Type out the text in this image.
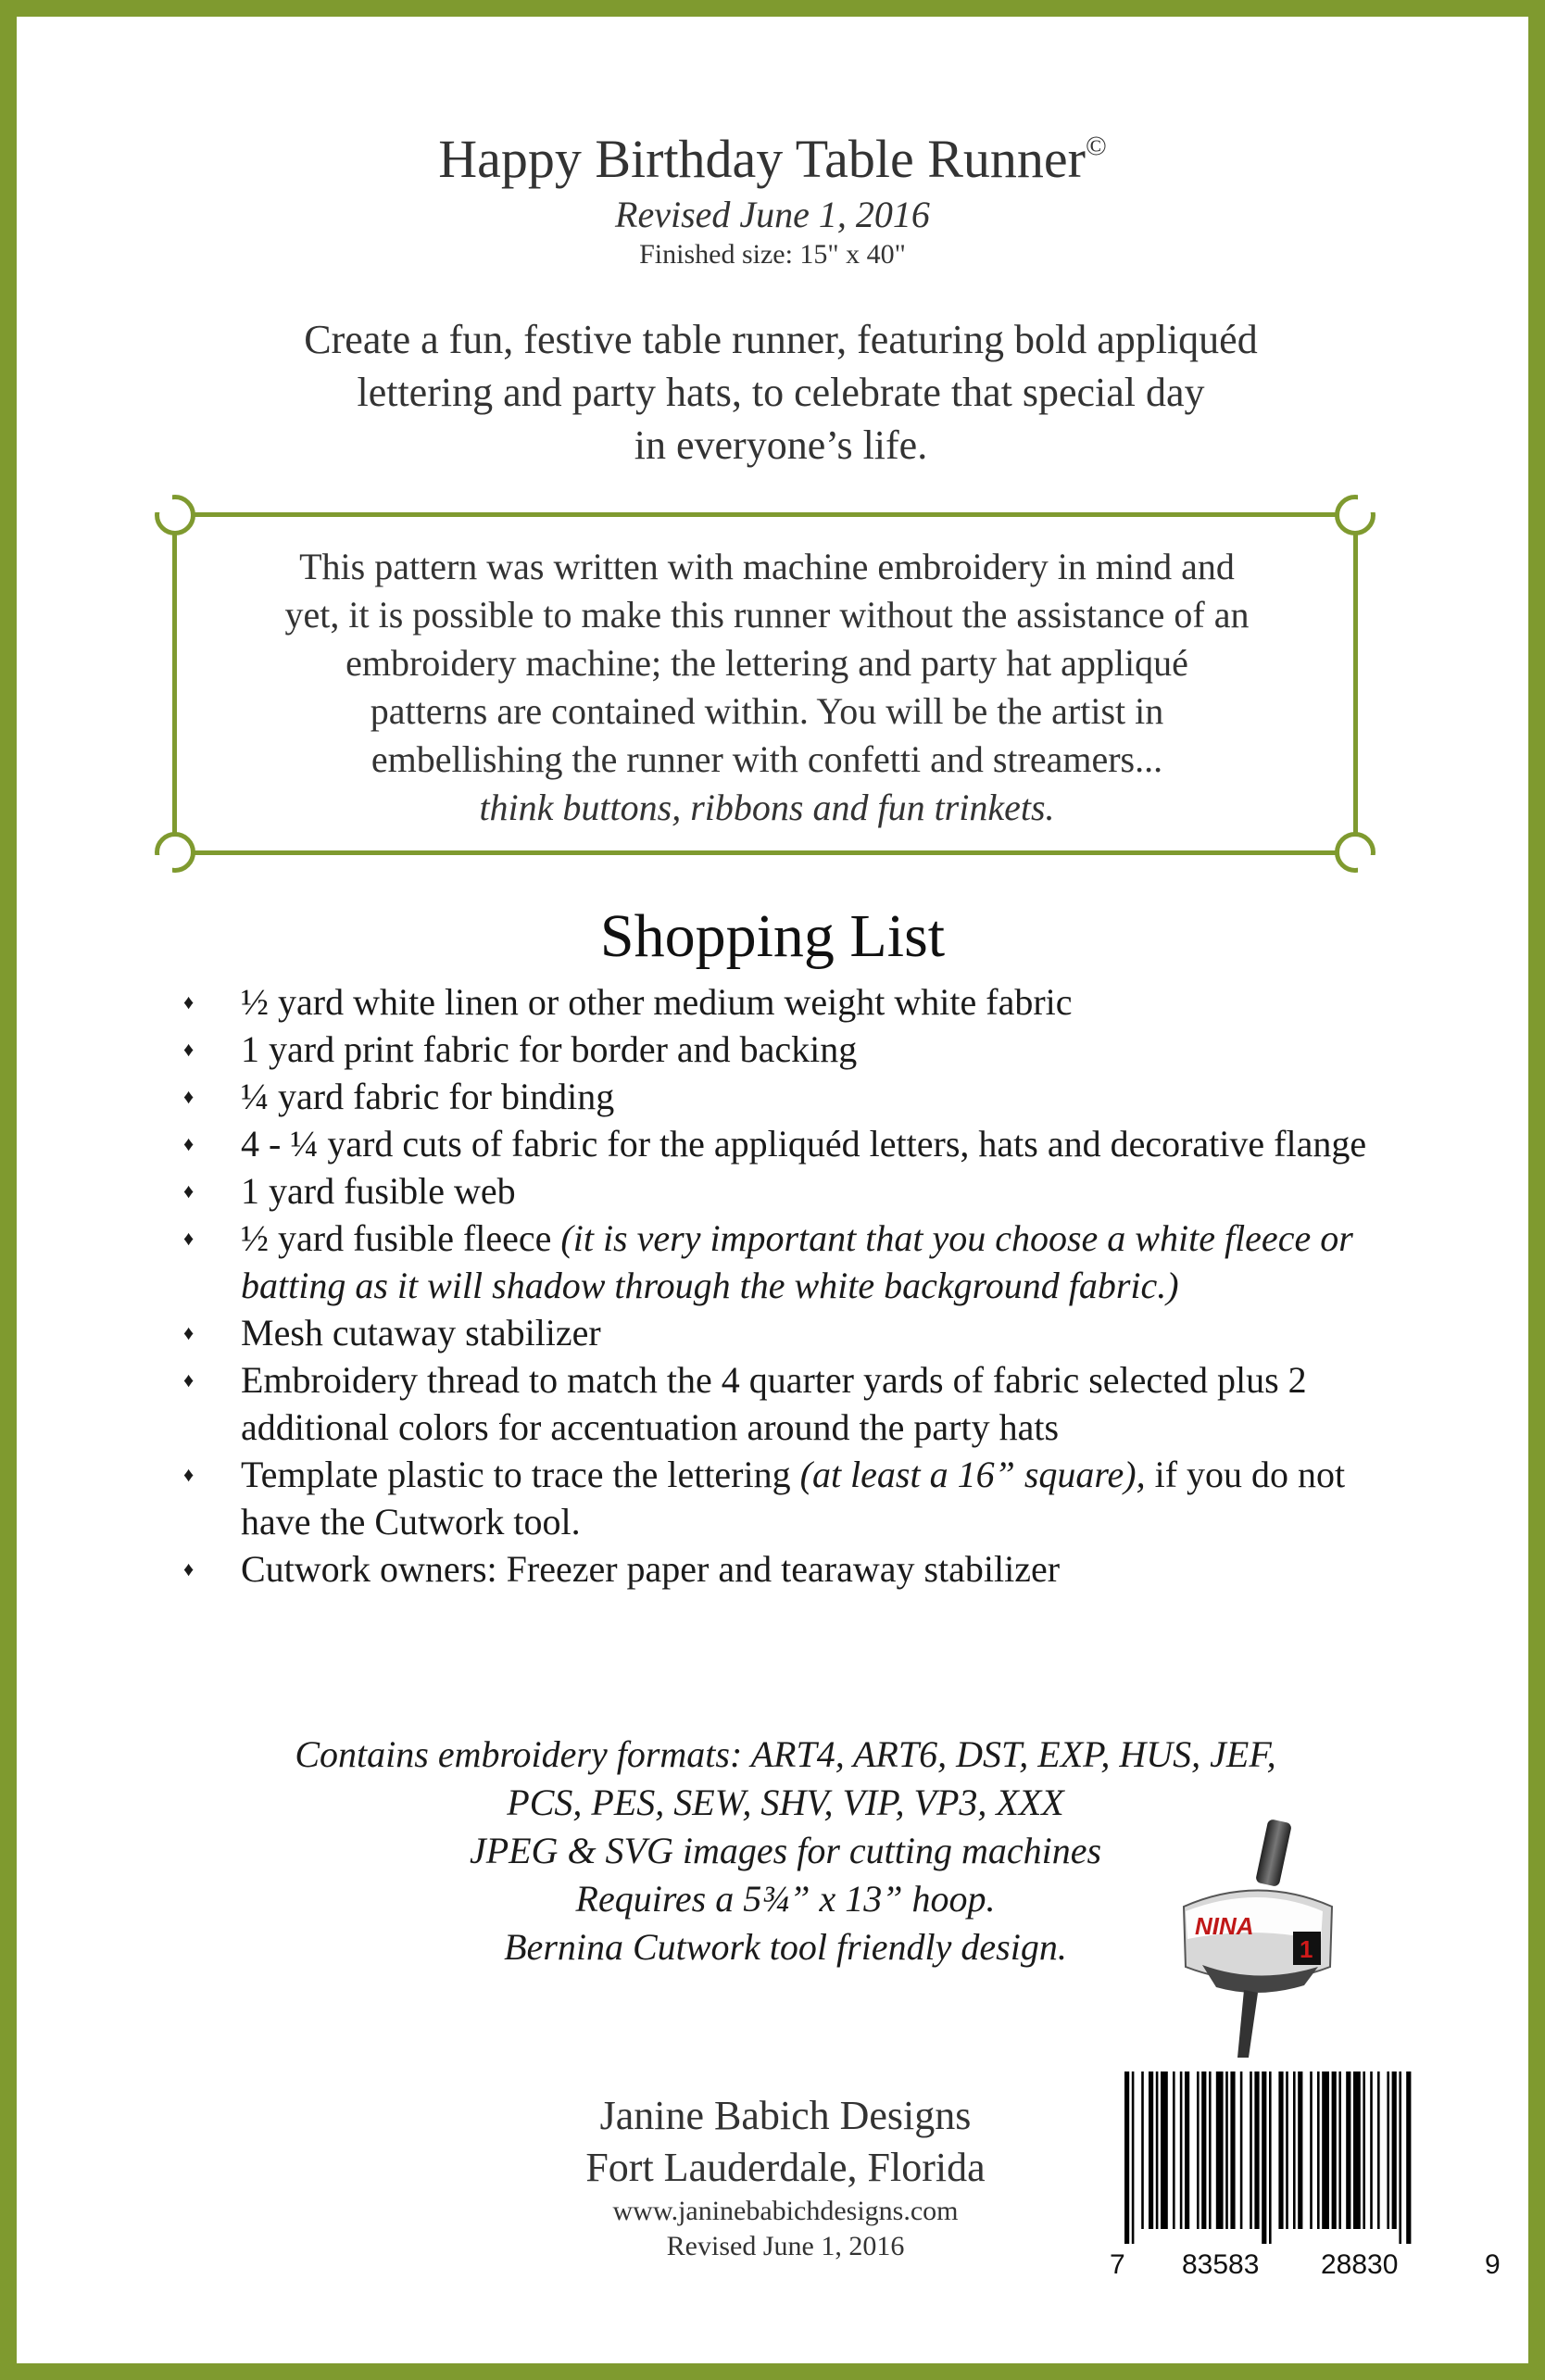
Happy Birthday Table Runner©
Revised June 1, 2016
Finished size: 15" x 40"
Create a fun, festive table runner, featuring bold appliquéd
lettering and party hats, to celebrate that special day
in everyone’s life.
This pattern was written with machine embroidery in mind and
yet, it is possible to make this runner without the assistance of an
embroidery machine; the lettering and party hat appliqué
patterns are contained within. You will be the artist in
embellishing the runner with confetti and streamers...
think buttons, ribbons and fun trinkets.
Shopping List
♦ ½ yard white linen or other medium weight white fabric
♦ 1 yard print fabric for border and backing
♦ ¼ yard fabric for binding
♦ 4 - ¼ yard cuts of fabric for the appliquéd letters, hats and decorative flange
♦ 1 yard fusible web
♦ ½ yard fusible fleece (it is very important that you choose a white fleece or batting as it will shadow through the white background fabric.)
♦ Mesh cutaway stabilizer
♦ Embroidery thread to match the 4 quarter yards of fabric selected plus 2 additional colors for accentuation around the party hats
♦ Template plastic to trace the lettering (at least a 16” square), if you do not have the Cutwork tool.
♦ Cutwork owners: Freezer paper and tearaway stabilizer
Contains embroidery formats: ART4, ART6, DST, EXP, HUS, JEF,
PCS, PES, SEW, SHV, VIP, VP3, XXX
JPEG & SVG images for cutting machines
Requires a 5¾” x 13” hoop.
Bernina Cutwork tool friendly design.	NINA
1
Janine Babich Designs
Fort Lauderdale, Florida
www.janinebabichdesigns.com
Revised June 1, 2016
7 83583 28830	9
